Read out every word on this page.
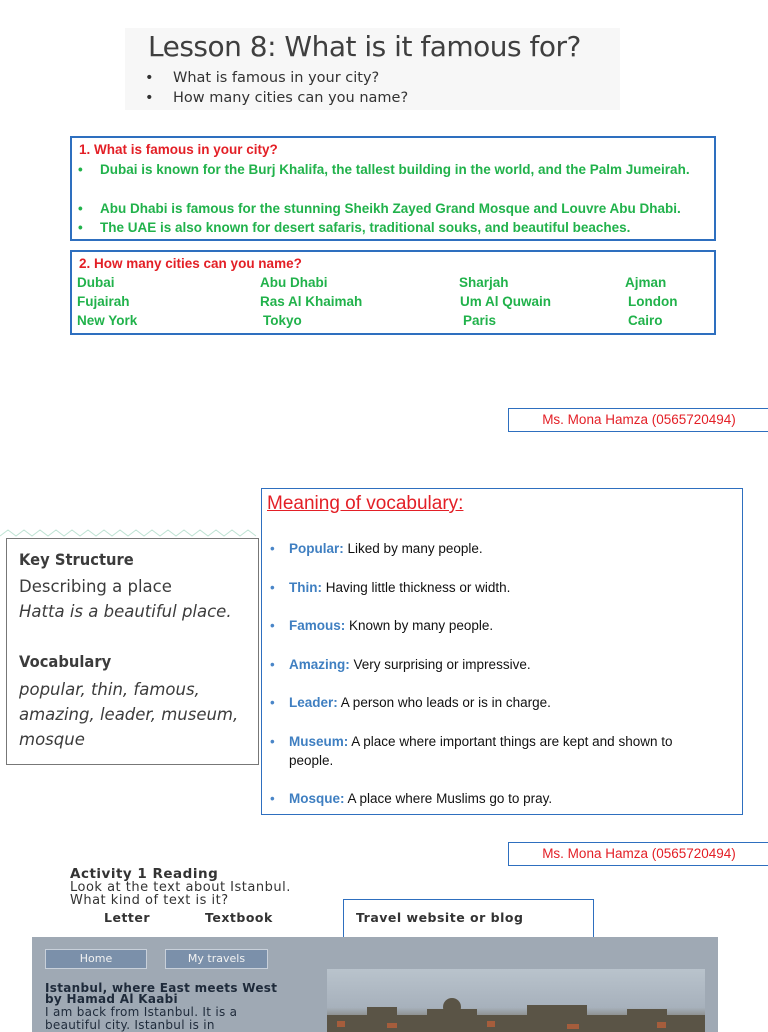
Lesson 8: What is it famous for?
• What is famous in your city?
• How many cities can you name?
1. What is famous in your city?
•	Dubai is known for the Burj Khalifa, the tallest building in the world, and the Palm Jumeirah.
•	Abu Dhabi is famous for the stunning Sheikh Zayed Grand Mosque and Louvre Abu Dhabi.
•	The UAE is also known for desert safaris, traditional souks, and beautiful beaches.
2. How many cities can you name?
Dubai	Abu Dhabi	Sharjah	Ajman
Fujairah	Ras Al Khaimah	Um Al Quwain	London
New York	Tokyo	Paris	Cairo
Ms. Mona Hamza (0565720494)
Key Structure
Describing a place
Hatta is a beautiful place.
Vocabulary
popular, thin, famous,
amazing, leader, museum,
mosque
Meaning of vocabulary:
• Popular: Liked by many people.
• Thin: Having little thickness or width.
• Famous: Known by many people.
• Amazing: Very surprising or impressive.
• Leader: A person who leads or is in charge.
• Museum: A place where important things are kept and shown to people.
• Mosque: A place where Muslims go to pray.
Ms. Mona Hamza (0565720494)
Activity 1 Reading
Look at the text about Istanbul.
What kind of text is it?
Letter	Textbook	Travel website or blog
Home	My travels
Istanbul, where East meets West
by Hamad Al Kaabi
I am back from Istanbul. It is a
beautiful city. Istanbul is in
